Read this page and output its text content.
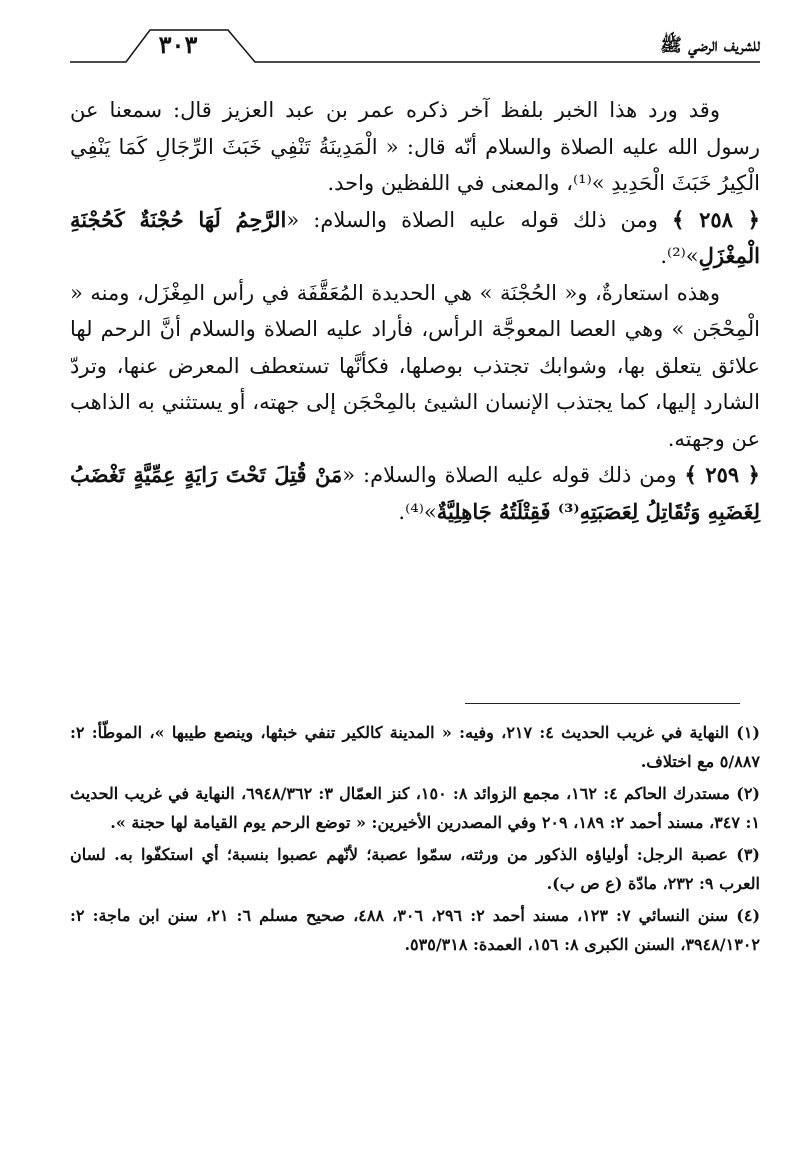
٣٠٣	للشريف الرضي ﷺ

وقد ورد هذا الخبر بلفظ آخر ذكره عمر بن عبد العزيز قال: سمعنا عن رسول الله عليه الصلاة والسلام أنّه قال: « الْمَدِينَةُ تَنْفِي خَبَثَ الرِّجَالِ كَمَا يَنْفِي الْكِيرُ خَبَثَ الْحَدِيدِ »⁽¹⁾، والمعنى في اللفظين واحد.

﴿ ٢٥٨ ﴾ ومن ذلك قوله عليه الصلاة والسلام: «الرَّحِمُ لَهَا حُجْنَةٌ كَحُجْنَةِ الْمِغْزَلِ»⁽²⁾.

وهذه استعارةٌ، و« الحُجْنَة » هي الحديدة المُعَقَّفَة في رأس المِغْزَل، ومنه « الْمِحْجَن » وهي العصا المعوجَّة الرأس، فأراد عليه الصلاة والسلام أنَّ الرحم لها علائق يتعلق بها، وشوابك تجتذب بوصلها، فكأنَّها تستعطف المعرض عنها، وتردّ الشارد إليها، كما يجتذب الإنسان الشيئ بالمِحْجَن إلى جهته، أو يستثني به الذاهب عن وجهته.

﴿ ٢٥٩ ﴾ ومن ذلك قوله عليه الصلاة والسلام: «مَنْ قُتِلَ تَحْتَ رَايَةٍ عِمِّيَّةٍ تَغْضَبُ لِغَضَبِهِ وَتُقَاتِلُ لِعَصَبَتِهِ⁽³⁾ فَقِتْلَتُهُ جَاهِلِيَّةٌ»⁽⁴⁾.

(١) النهاية في غريب الحديث ٤: ٢١٧، وفيه: « المدينة كالكير تنفي خبثها، وينصع طيبها »، الموطّأ: ٢: ٥/٨٨٧ مع اختلاف.

(٢) مستدرك الحاكم ٤: ١٦٢، مجمع الزوائد ٨: ١٥٠، كنز العمّال ٣: ٦٩٤٨/٣٦٢، النهاية في غريب الحديث ١: ٣٤٧، مسند أحمد ٢: ١٨٩، ٢٠٩ وفي المصدرين الأخيرين: « توضع الرحم يوم القيامة لها حجنة ».

(٣) عصبة الرجل: أولياؤه الذكور من ورثته، سمّوا عصبة؛ لأنّهم عصبوا بنسبة؛ أي استكفّوا به. لسان العرب ٩: ٢٣٢، مادّة (ع ص ب).

(٤) سنن النسائي ٧: ١٢٣، مسند أحمد ٢: ٢٩٦، ٣٠٦، ٤٨٨، صحيح مسلم ٦: ٢١، سنن ابن ماجة: ٢: ٣٩٤٨/١٣٠٢، السنن الكبرى ٨: ١٥٦، العمدة: ٥٣٥/٣١٨.
